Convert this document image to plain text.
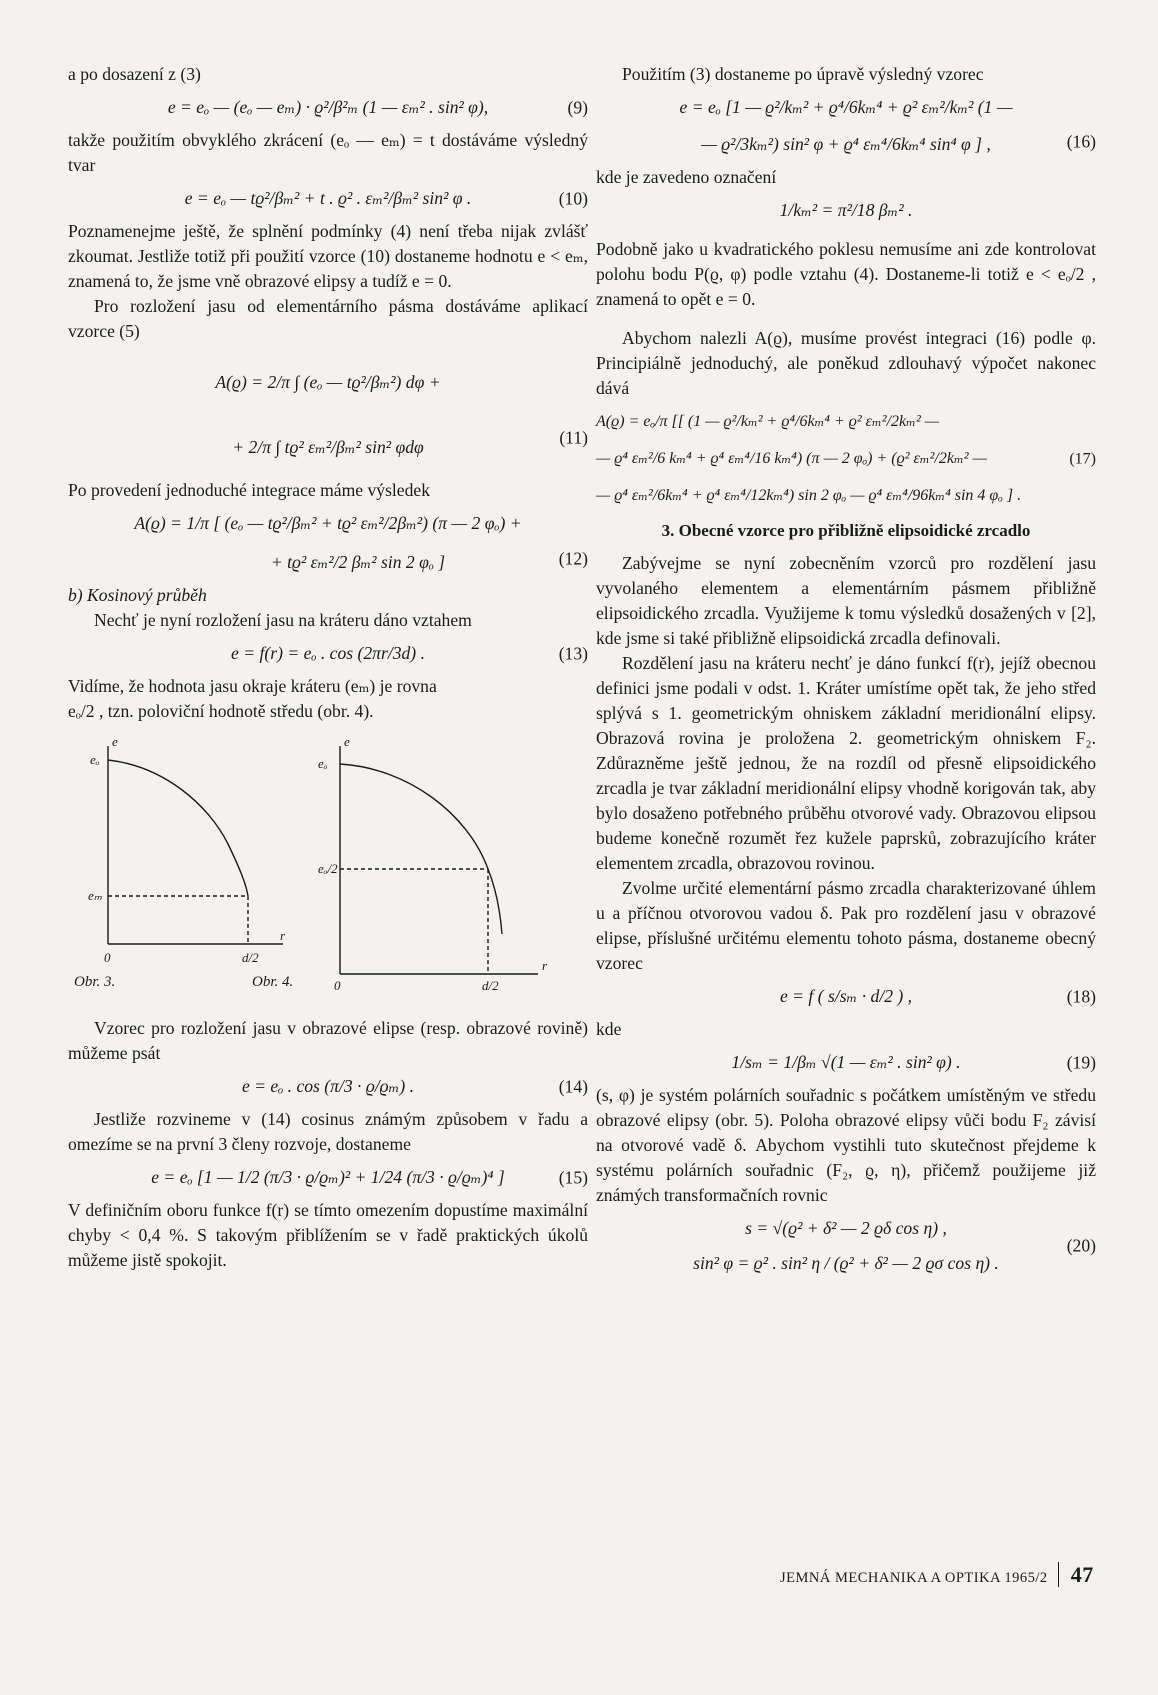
a po dosazení z (3)

e = eₒ — (eₒ — eₘ) · ϱ²/β²ₘ (1 — εₘ² . sin² φ),	(9)

takže použitím obvyklého zkrácení (eₒ — eₘ) = t dostáváme výsledný tvar

e = eₒ — tϱ²/βₘ² + t . ϱ² . εₘ²/βₘ² sin² φ .	(10)

Poznamenejme ještě, že splnění podmínky (4) není třeba nijak zvlášť zkoumat. Jestliže totiž při použití vzorce (10) dostaneme hodnotu e < eₘ, znamená to, že jsme vně obrazové elipsy a tudíž e = 0.

Pro rozložení jasu od elementárního pásma dostáváme aplikací vzorce (5)

A(ϱ) = 2/π ∫ (eₒ — tϱ²/βₘ²) dφ +
+ 2/π ∫ tϱ² εₘ²/βₘ² sin² φdφ	(11)

Po provedení jednoduché integrace máme výsledek

A(ϱ) = 1/π [ (eₒ — tϱ²/βₘ² + tϱ² εₘ²/2βₘ²) (π — 2 φₒ) +
+ tϱ² εₘ²/2 βₘ² sin 2 φₒ ]	(12)

b) Kosinový průběh

Nechť je nyní rozložení jasu na kráteru dáno vztahem

e = f(r) = eₒ . cos (2πr/3d) .	(13)

Vidíme, že hodnota jasu okraje kráteru (eₘ) je rovna

eₒ/2 , tzn. poloviční hodnotě středu (obr. 4).

e
eₒ
eₘ
0
r
d/2
e
eₒ
eₒ/2
0
r
d/2
Obr. 3.	Obr. 4.

Vzorec pro rozložení jasu v obrazové elipse (resp. obrazové rovině) můžeme psát

e = eₒ . cos (π/3 · ϱ/ϱₘ) .	(14)

Jestliže rozvineme v (14) cosinus známým způsobem v řadu a omezíme se na první 3 členy rozvoje, dostaneme

e = eₒ [1 — 1/2 (π/3 · ϱ/ϱₘ)² + 1/24 (π/3 · ϱ/ϱₘ)⁴ ]	(15)

V definičním oboru funkce f(r) se tímto omezením dopustíme maximální chyby < 0,4 %. S takovým přiblížením se v řadě praktických úkolů můžeme jistě spokojit.

Použitím (3) dostaneme po úpravě výsledný vzorec

e = eₒ [1 — ϱ²/kₘ² + ϱ⁴/6kₘ⁴ + ϱ² εₘ²/kₘ² (1 —
— ϱ²/3kₘ²) sin² φ + ϱ⁴ εₘ⁴/6kₘ⁴ sin⁴ φ ] ,	(16)

kde je zavedeno označení

1/kₘ² = π²/18 βₘ² .

Podobně jako u kvadratického poklesu nemusíme ani zde kontrolovat polohu bodu P(ϱ, φ) podle vztahu (4). Dostaneme-li totiž e < eₒ/2 , znamená to opět e = 0.

Abychom nalezli A(ϱ), musíme provést integraci (16) podle φ. Principiálně jednoduchý, ale poněkud zdlouhavý výpočet nakonec dává

A(ϱ) = eₒ/π [[ (1 — ϱ²/kₘ² + ϱ⁴/6kₘ⁴ + ϱ² εₘ²/2kₘ² —
— ϱ⁴ εₘ²/6 kₘ⁴ + ϱ⁴ εₘ⁴/16 kₘ⁴) (π — 2 φₒ) + (ϱ² εₘ²/2kₘ² —
— ϱ⁴ εₘ²/6kₘ⁴ + ϱ⁴ εₘ⁴/12kₘ⁴) sin 2 φₒ — ϱ⁴ εₘ⁴/96kₘ⁴ sin 4 φₒ ] .
(17)

3. Obecné vzorce pro přibližně elipsoidické zrcadlo

Zabývejme se nyní zobecněním vzorců pro rozdělení jasu vyvolaného elementem a elementárním pásmem přibližně elipsoidického zrcadla. Využijeme k tomu výsledků dosažených v [2], kde jsme si také přibližně elipsoidická zrcadla definovali.

Rozdělení jasu na kráteru nechť je dáno funkcí f(r), jejíž obecnou definici jsme podali v odst. 1. Kráter umístíme opět tak, že jeho střed splývá s 1. geometrickým ohniskem základní meridionální elipsy. Obrazová rovina je proložena 2. geometrickým ohniskem F₂. Zdůrazněme ještě jednou, že na rozdíl od přesně elipsoidického zrcadla je tvar základní meridionální elipsy vhodně korigován tak, aby bylo dosaženo potřebného průběhu otvorové vady. Obrazovou elipsou budeme konečně rozumět řez kužele paprsků, zobrazujícího kráter elementem zrcadla, obrazovou rovinou.

Zvolme určité elementární pásmo zrcadla charakterizované úhlem u a příčnou otvorovou vadou δ. Pak pro rozdělení jasu v obrazové elipse, příslušné určitému elementu tohoto pásma, dostaneme obecný vzorec

e = f ( s/sₘ · d/2 ) ,	(18)

kde

1/sₘ = 1/βₘ √(1 — εₘ² . sin² φ) .	(19)

(s, φ) je systém polárních souřadnic s počátkem umístěným ve středu obrazové elipsy (obr. 5). Poloha obrazové elipsy vůči bodu F₂ závisí na otvorové vadě δ. Abychom vystihli tuto skutečnost přejdeme k systému polárních souřadnic (F₂, ϱ, η), přičemž použijeme již známých transformačních rovnic

s = √(ϱ² + δ² — 2 ϱδ cos η) ,
sin² φ = ϱ² . sin² η / (ϱ² + δ² — 2 ϱσ cos η) .
(20)
JEMNÁ MECHANIKA A OPTIKA 1965/2 47
